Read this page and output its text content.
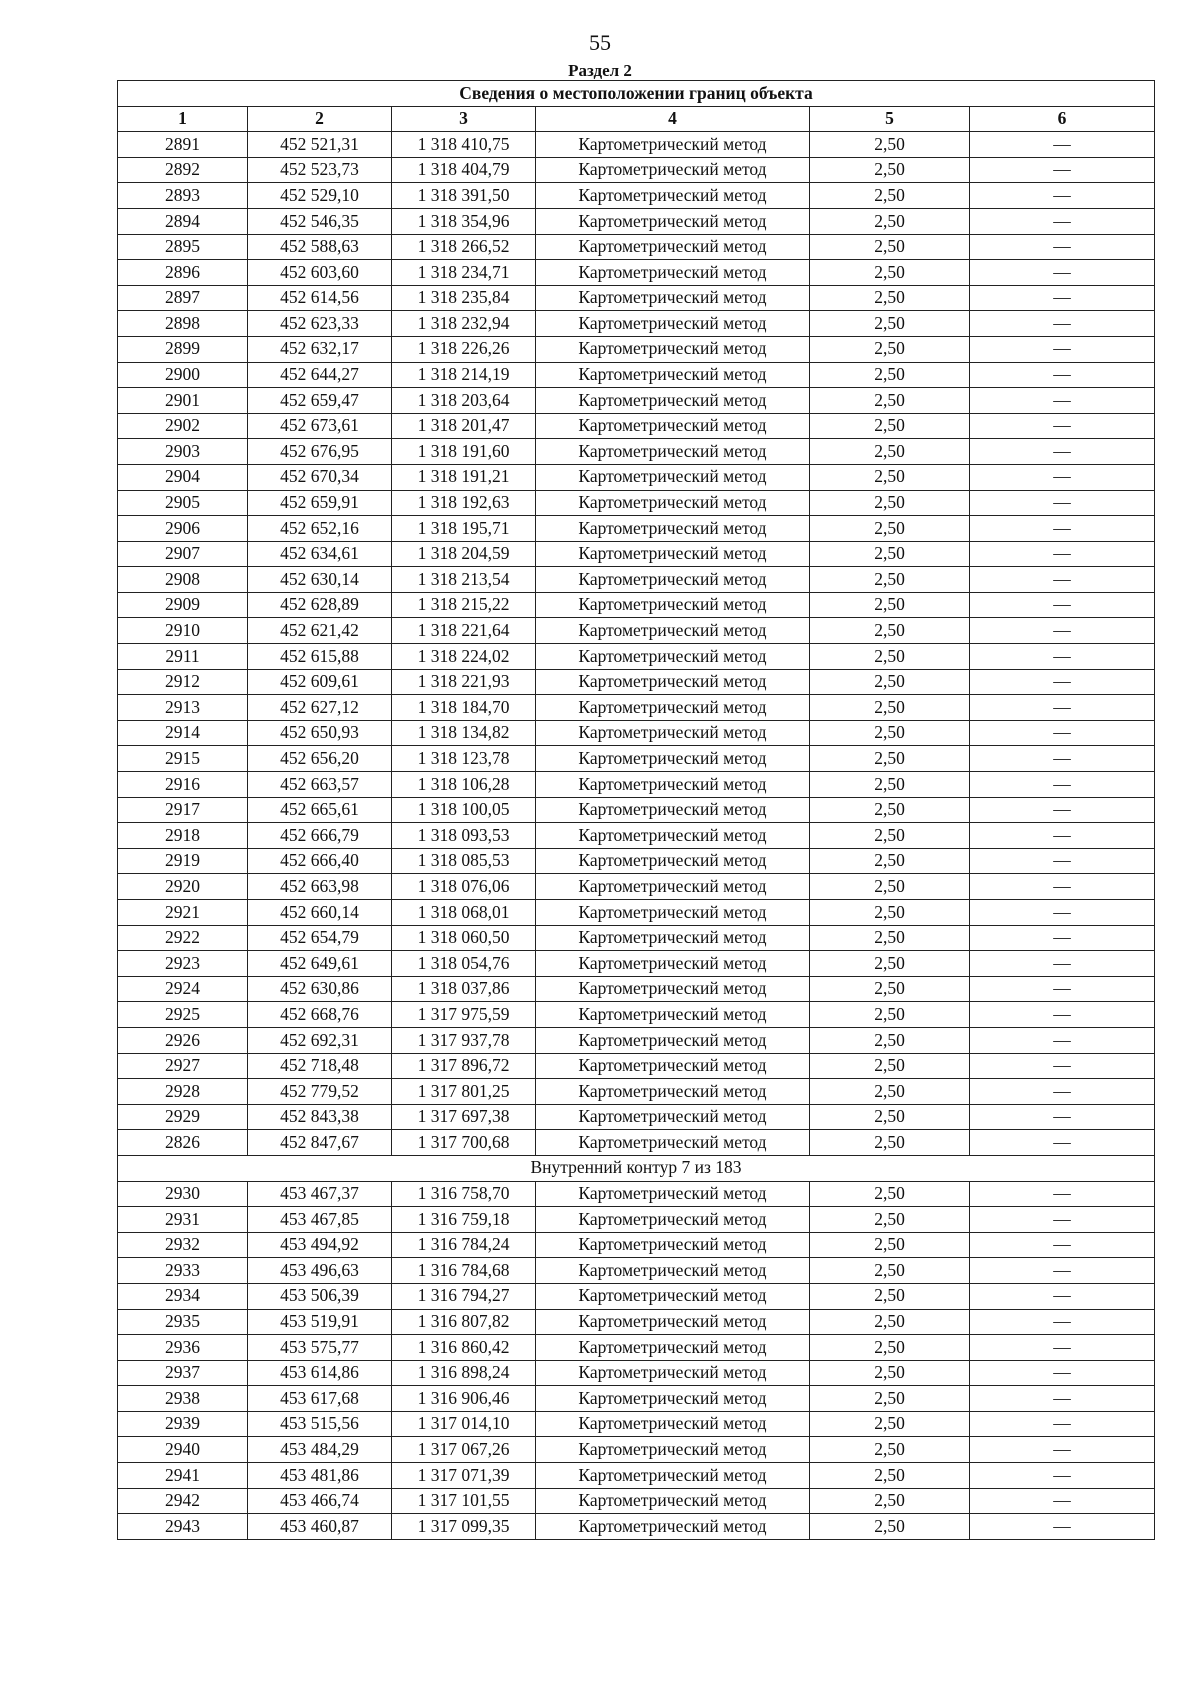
55
Раздел 2
Сведения о местоположении границ объекта					
1	2	3	4	5	6
2891	452 521,31	1 318 410,75	Картометрический метод	2,50	—
2892	452 523,73	1 318 404,79	Картометрический метод	2,50	—
2893	452 529,10	1 318 391,50	Картометрический метод	2,50	—
2894	452 546,35	1 318 354,96	Картометрический метод	2,50	—
2895	452 588,63	1 318 266,52	Картометрический метод	2,50	—
2896	452 603,60	1 318 234,71	Картометрический метод	2,50	—
2897	452 614,56	1 318 235,84	Картометрический метод	2,50	—
2898	452 623,33	1 318 232,94	Картометрический метод	2,50	—
2899	452 632,17	1 318 226,26	Картометрический метод	2,50	—
2900	452 644,27	1 318 214,19	Картометрический метод	2,50	—
2901	452 659,47	1 318 203,64	Картометрический метод	2,50	—
2902	452 673,61	1 318 201,47	Картометрический метод	2,50	—
2903	452 676,95	1 318 191,60	Картометрический метод	2,50	—
2904	452 670,34	1 318 191,21	Картометрический метод	2,50	—
2905	452 659,91	1 318 192,63	Картометрический метод	2,50	—
2906	452 652,16	1 318 195,71	Картометрический метод	2,50	—
2907	452 634,61	1 318 204,59	Картометрический метод	2,50	—
2908	452 630,14	1 318 213,54	Картометрический метод	2,50	—
2909	452 628,89	1 318 215,22	Картометрический метод	2,50	—
2910	452 621,42	1 318 221,64	Картометрический метод	2,50	—
2911	452 615,88	1 318 224,02	Картометрический метод	2,50	—
2912	452 609,61	1 318 221,93	Картометрический метод	2,50	—
2913	452 627,12	1 318 184,70	Картометрический метод	2,50	—
2914	452 650,93	1 318 134,82	Картометрический метод	2,50	—
2915	452 656,20	1 318 123,78	Картометрический метод	2,50	—
2916	452 663,57	1 318 106,28	Картометрический метод	2,50	—
2917	452 665,61	1 318 100,05	Картометрический метод	2,50	—
2918	452 666,79	1 318 093,53	Картометрический метод	2,50	—
2919	452 666,40	1 318 085,53	Картометрический метод	2,50	—
2920	452 663,98	1 318 076,06	Картометрический метод	2,50	—
2921	452 660,14	1 318 068,01	Картометрический метод	2,50	—
2922	452 654,79	1 318 060,50	Картометрический метод	2,50	—
2923	452 649,61	1 318 054,76	Картометрический метод	2,50	—
2924	452 630,86	1 318 037,86	Картометрический метод	2,50	—
2925	452 668,76	1 317 975,59	Картометрический метод	2,50	—
2926	452 692,31	1 317 937,78	Картометрический метод	2,50	—
2927	452 718,48	1 317 896,72	Картометрический метод	2,50	—
2928	452 779,52	1 317 801,25	Картометрический метод	2,50	—
2929	452 843,38	1 317 697,38	Картометрический метод	2,50	—
2826	452 847,67	1 317 700,68	Картометрический метод	2,50	—
Внутренний контур 7 из 183					
2930	453 467,37	1 316 758,70	Картометрический метод	2,50	—
2931	453 467,85	1 316 759,18	Картометрический метод	2,50	—
2932	453 494,92	1 316 784,24	Картометрический метод	2,50	—
2933	453 496,63	1 316 784,68	Картометрический метод	2,50	—
2934	453 506,39	1 316 794,27	Картометрический метод	2,50	—
2935	453 519,91	1 316 807,82	Картометрический метод	2,50	—
2936	453 575,77	1 316 860,42	Картометрический метод	2,50	—
2937	453 614,86	1 316 898,24	Картометрический метод	2,50	—
2938	453 617,68	1 316 906,46	Картометрический метод	2,50	—
2939	453 515,56	1 317 014,10	Картометрический метод	2,50	—
2940	453 484,29	1 317 067,26	Картометрический метод	2,50	—
2941	453 481,86	1 317 071,39	Картометрический метод	2,50	—
2942	453 466,74	1 317 101,55	Картометрический метод	2,50	—
2943	453 460,87	1 317 099,35	Картометрический метод	2,50	—
